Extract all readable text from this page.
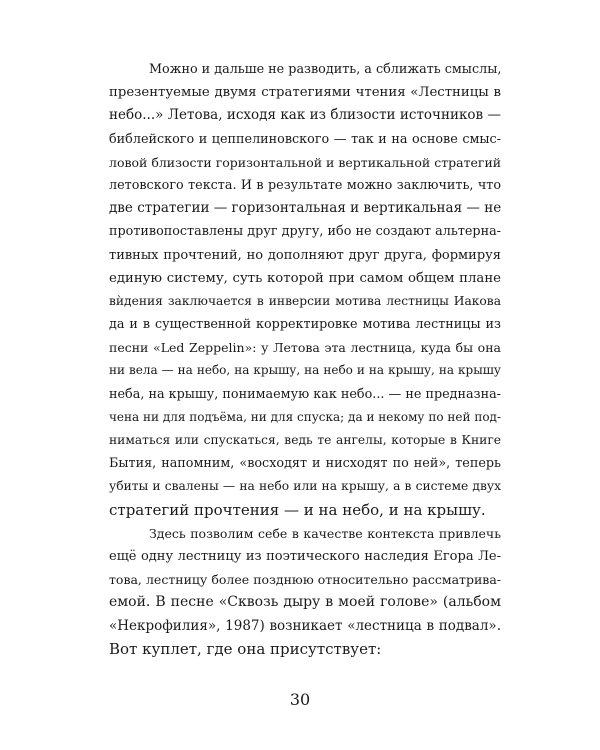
Можно и дальше не разводить, а сближать смыслы,
презентуемые двумя стратегиями чтения «Лестницы в
небо...» Летова, исходя как из близости источников —
библейского и цеппелиновского — так и на основе смыс-
ловой близости горизонтальной и вертикальной стратегий
летовского текста. И в результате можно заключить, что
две стратегии — горизонтальная и вертикальная — не
противопоставлены друг другу, ибо не создают альтерна-
тивных прочтений, но дополняют друг друга, формируя
единую систему, суть которой при самом общем плане
вѝдения заключается в инверсии мотива лестницы Иакова
да и в существенной корректировке мотива лестницы из
песни «Led Zeppelin»: у Летова эта лестница, куда бы она
ни вела — на небо, на крышу, на небо и на крышу, на крышу
неба, на крышу, понимаемую как небо... — не предназна-
чена ни для подъёма, ни для спуска; да и некому по ней под-
ниматься или спускаться, ведь те ангелы, которые в Книге
Бытия, напомним, «восходят и нисходят по ней», теперь
убиты и свалены — на небо или на крышу, а в системе двух
стратегий прочтения — и на небо, и на крышу.

Здесь позволим себе в качестве контекста привлечь
ещё одну лестницу из поэтического наследия Егора Ле-
това, лестницу более позднюю относительно рассматрива-
емой. В песне «Сквозь дыру в моей голове» (альбом
«Некрофилия», 1987) возникает «лестница в подвал».
Вот куплет, где она присутствует:

30
